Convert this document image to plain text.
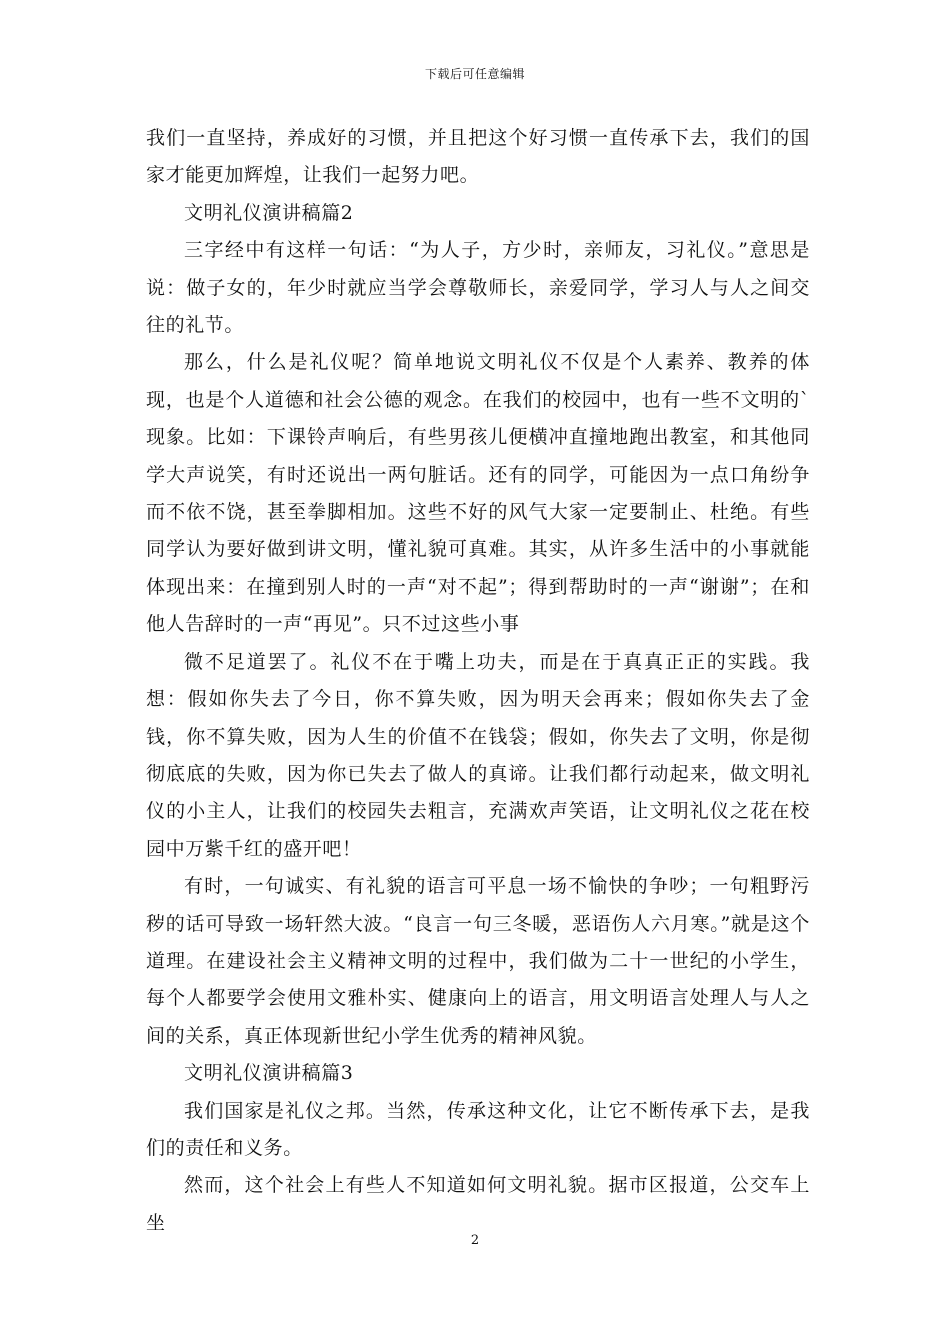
下载后可任意编辑

我们一直坚持，养成好的习惯，并且把这个好习惯一直传承下去，我们的国家才能更加辉煌，让我们一起努力吧。

文明礼仪演讲稿篇2

三字经中有这样一句话：“为人子，方少时，亲师友，习礼仪。”意思是说：做子女的，年少时就应当学会尊敬师长，亲爱同学，学习人与人之间交往的礼节。

那么，什么是礼仪呢？简单地说文明礼仪不仅是个人素养、教养的体现，也是个人道德和社会公德的观念。在我们的校园中，也有一些不文明的`现象。比如：下课铃声响后，有些男孩儿便横冲直撞地跑出教室，和其他同学大声说笑，有时还说出一两句脏话。还有的同学，可能因为一点口角纷争而不依不饶，甚至拳脚相加。这些不好的风气大家一定要制止、杜绝。有些同学认为要好做到讲文明，懂礼貌可真难。其实，从许多生活中的小事就能体现出来：在撞到别人时的一声“对不起”；得到帮助时的一声“谢谢”；在和他人告辞时的一声“再见”。只不过这些小事

微不足道罢了。礼仪不在于嘴上功夫，而是在于真真正正的实践。我想：假如你失去了今日，你不算失败，因为明天会再来；假如你失去了金钱，你不算失败，因为人生的价值不在钱袋；假如，你失去了文明，你是彻彻底底的失败，因为你已失去了做人的真谛。让我们都行动起来，做文明礼仪的小主人，让我们的校园失去粗言，充满欢声笑语，让文明礼仪之花在校园中万紫千红的盛开吧！

有时，一句诚实、有礼貌的语言可平息一场不愉快的争吵；一句粗野污秽的话可导致一场轩然大波。“良言一句三冬暖，恶语伤人六月寒。”就是这个道理。在建设社会主义精神文明的过程中，我们做为二十一世纪的小学生，每个人都要学会使用文雅朴实、健康向上的语言，用文明语言处理人与人之间的关系，真正体现新世纪小学生优秀的精神风貌。

文明礼仪演讲稿篇3

我们国家是礼仪之邦。当然，传承这种文化，让它不断传承下去，是我们的责任和义务。

然而，这个社会上有些人不知道如何文明礼貌。据市区报道，公交车上坐

2
